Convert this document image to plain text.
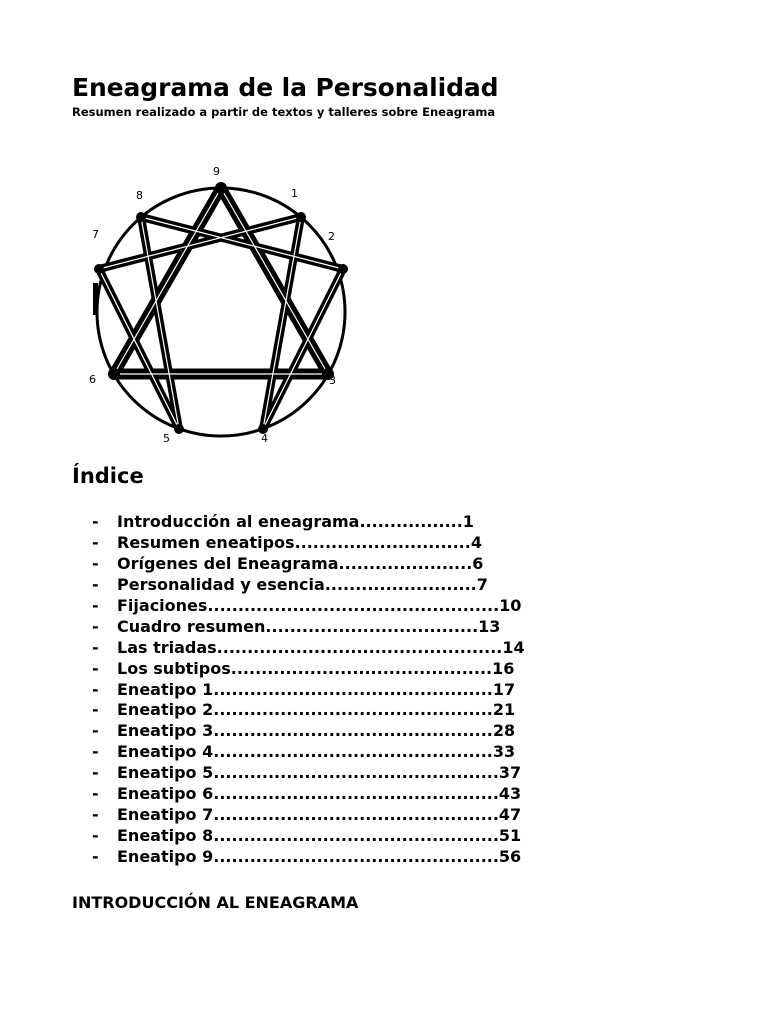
Eneagrama de la Personalidad
Resumen realizado a partir de textos y talleres sobre Eneagrama
9
1
2
3
4
5
6
7
8
Índice
- Introducción al eneagrama.................1
- Resumen eneatipos.............................4
- Orígenes del Eneagrama......................6
- Personalidad y esencia.........................7
- Fijaciones................................................10
- Cuadro resumen...................................13
- Las triadas...............................................14
- Los subtipos...........................................16
- Eneatipo 1..............................................17
- Eneatipo 2..............................................21
- Eneatipo 3..............................................28
- Eneatipo 4..............................................33
- Eneatipo 5...............................................37
- Eneatipo 6...............................................43
- Eneatipo 7...............................................47
- Eneatipo 8...............................................51
- Eneatipo 9...............................................56
INTRODUCCIÓN AL ENEAGRAMA
